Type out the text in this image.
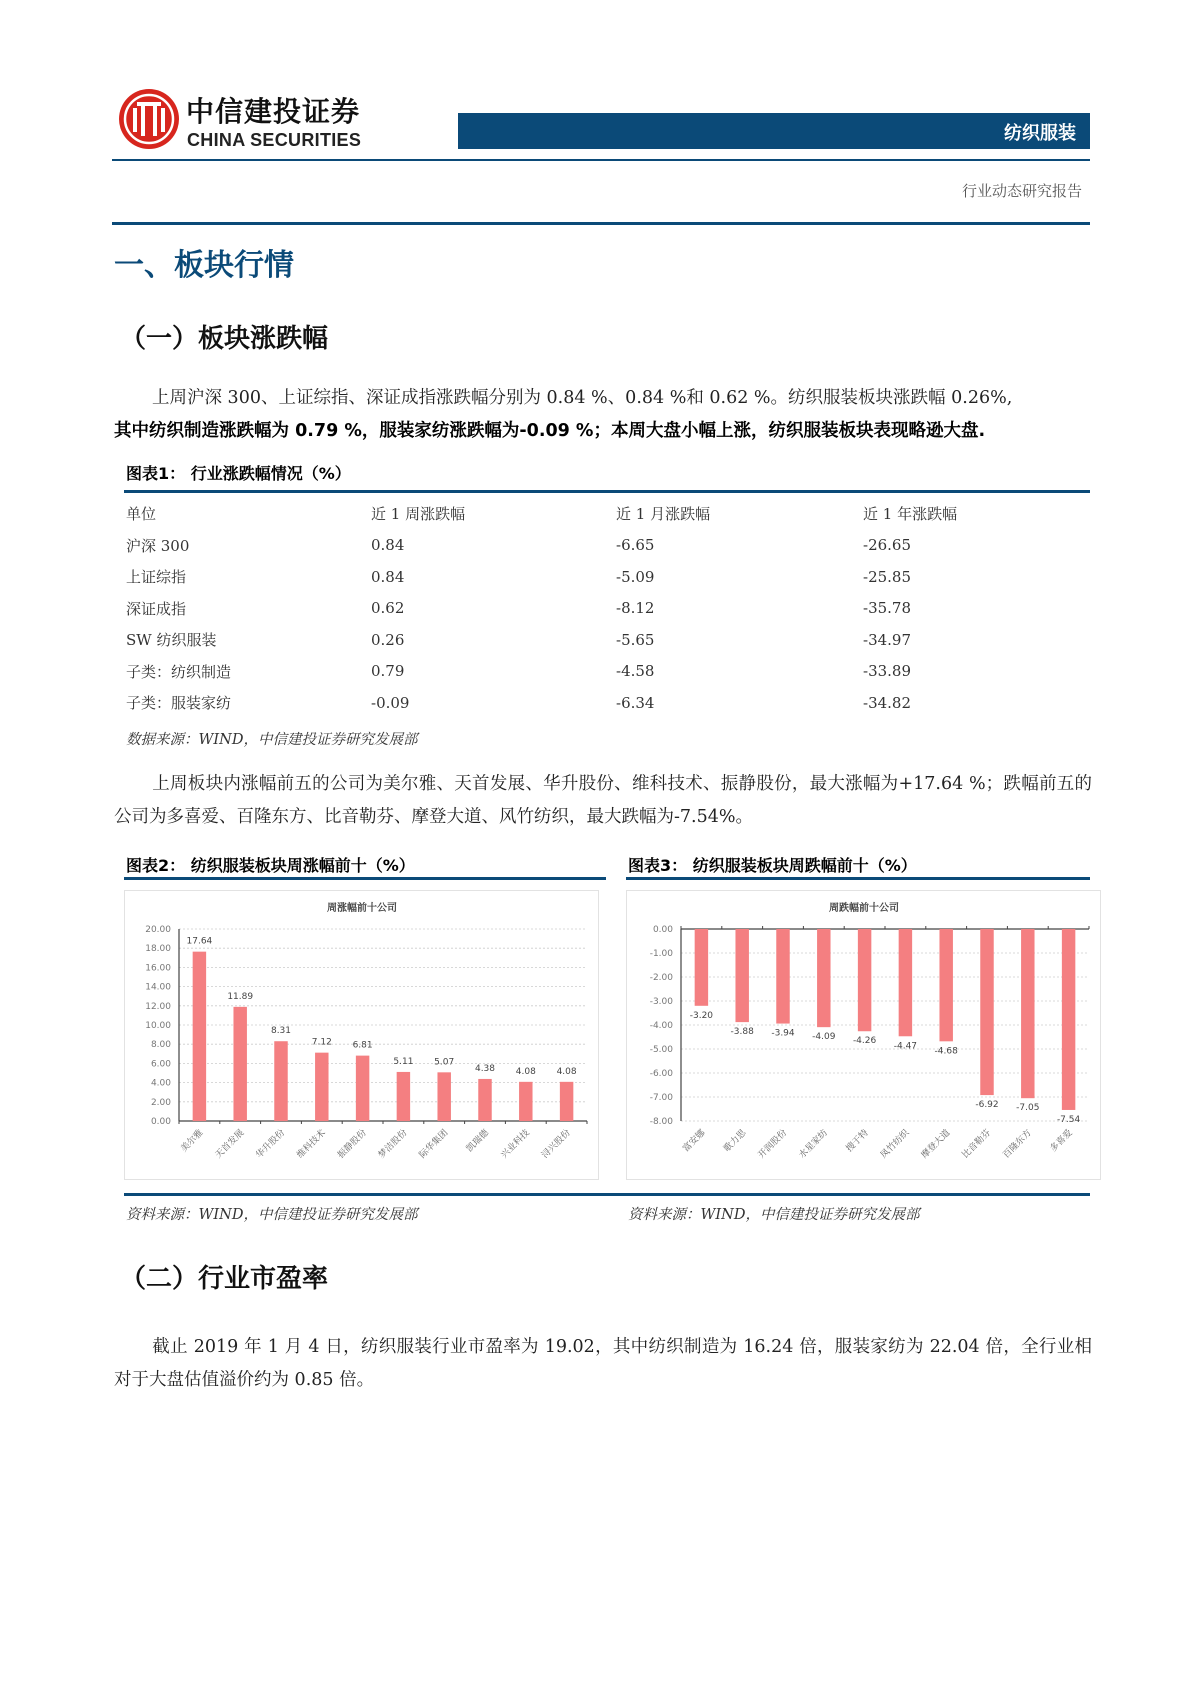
中信建投证券
CHINA SECURITIES	纺织服装
行业动态研究报告
一、板块行情
（一）板块涨跌幅
上周沪深 300、上证综指、深证成指涨跌幅分别为 0.84 %、0.84 %和 0.62 %。纺织服装板块涨跌幅 0.26%,
其中纺织制造涨跌幅为 0.79 %，服装家纺涨跌幅为-0.09 %；本周大盘小幅上涨，纺织服装板块表现略逊大盘.
图表1： 行业涨跌幅情况（%）
单位	近 1 周涨跌幅	近 1 月涨跌幅	近 1 年涨跌幅
沪深 300	0.84	-6.65	-26.65
上证综指	0.84	-5.09	-25.85
深证成指	0.62	-8.12	-35.78
SW 纺织服装	0.26	-5.65	-34.97
子类：纺织制造	0.79	-4.58	-33.89
子类：服装家纺	-0.09	-6.34	-34.82
数据来源：WIND，中信建投证券研究发展部
上周板块内涨幅前五的公司为美尔雅、天首发展、华升股份、维科技术、振静股份，最大涨幅为+17.64 %；跌幅前五的公司为多喜爱、百隆东方、比音勒芬、摩登大道、风竹纺织，最大跌幅为-7.54%。
图表2： 纺织服装板块周涨幅前十（%）	图表3： 纺织服装板块周跌幅前十（%）
周涨幅前十公司
0.00
2.00
4.00
6.00
8.00
10.00
12.00
14.00
16.00
18.00
20.00
17.64
美尔雅
11.89
天首发展
8.31
华升股份
7.12
维科技术
6.81
振静股份
5.11
梦洁股份
5.07
际华集团
4.38
凯瑞德
4.08
兴业科技
4.08
浔兴股份
周跌幅前十公司
0.00
-1.00
-2.00
-3.00
-4.00
-5.00
-6.00
-7.00
-8.00
-3.20
富安娜
-3.88
歌力思
-3.94
开润股份
-4.09
水星家纺
-4.26
搜于特
-4.47
凤竹纺织
-4.68
摩登大道
-6.92
比音勒芬
-7.05
百隆东方
-7.54
多喜爱
资料来源：WIND，中信建投证券研究发展部	资料来源：WIND，中信建投证券研究发展部
（二）行业市盈率
截止 2019 年 1 月 4 日，纺织服装行业市盈率为 19.02，其中纺织制造为 16.24 倍，服装家纺为 22.04 倍，全行业相对于大盘估值溢价约为 0.85 倍。
